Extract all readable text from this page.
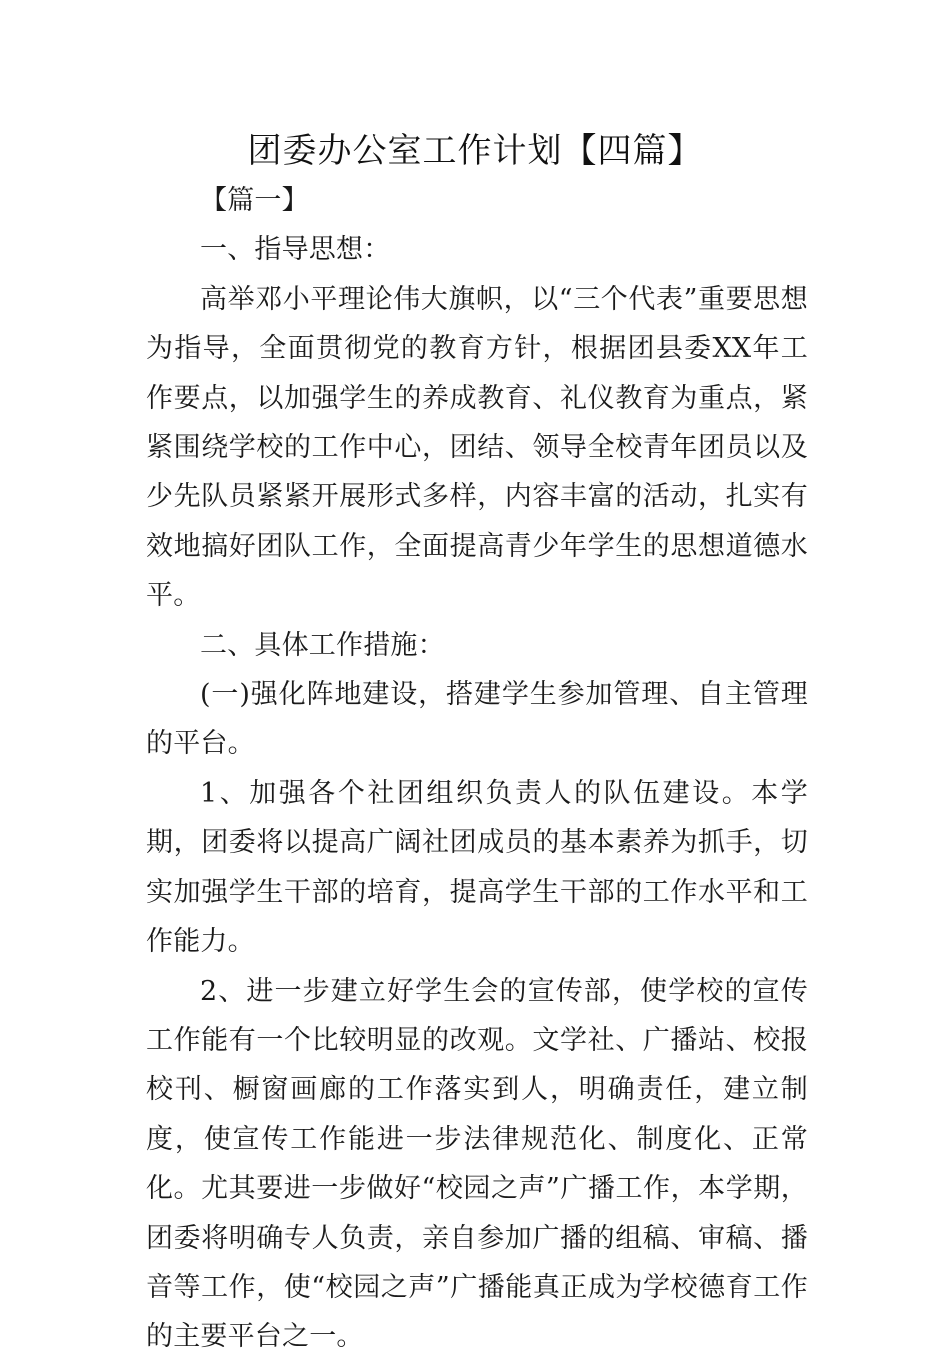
团委办公室工作计划【四篇】

【篇一】

一、指导思想：

高举邓小平理论伟大旗帜，以“三个代表”重要思想为指导，全面贯彻党的教育方针，根据团县委XX年工作要点，以加强学生的养成教育、礼仪教育为重点，紧紧围绕学校的工作中心，团结、领导全校青年团员以及少先队员紧紧开展形式多样，内容丰富的活动，扎实有效地搞好团队工作，全面提高青少年学生的思想道德水平。

二、具体工作措施：

(一)强化阵地建设，搭建学生参加管理、自主管理的平台。

1、加强各个社团组织负责人的队伍建设。本学期，团委将以提高广阔社团成员的基本素养为抓手，切实加强学生干部的培育，提高学生干部的工作水平和工作能力。

2、进一步建立好学生会的宣传部，使学校的宣传工作能有一个比较明显的改观。文学社、广播站、校报校刊、橱窗画廊的工作落实到人，明确责任，建立制度，使宣传工作能进一步法律规范化、制度化、正常化。尤其要进一步做好“校园之声”广播工作，本学期，团委将明确专人负责，亲自参加广播的组稿、审稿、播音等工作，使“校园之声”广播能真正成为学校德育工作的主要平台之一。
